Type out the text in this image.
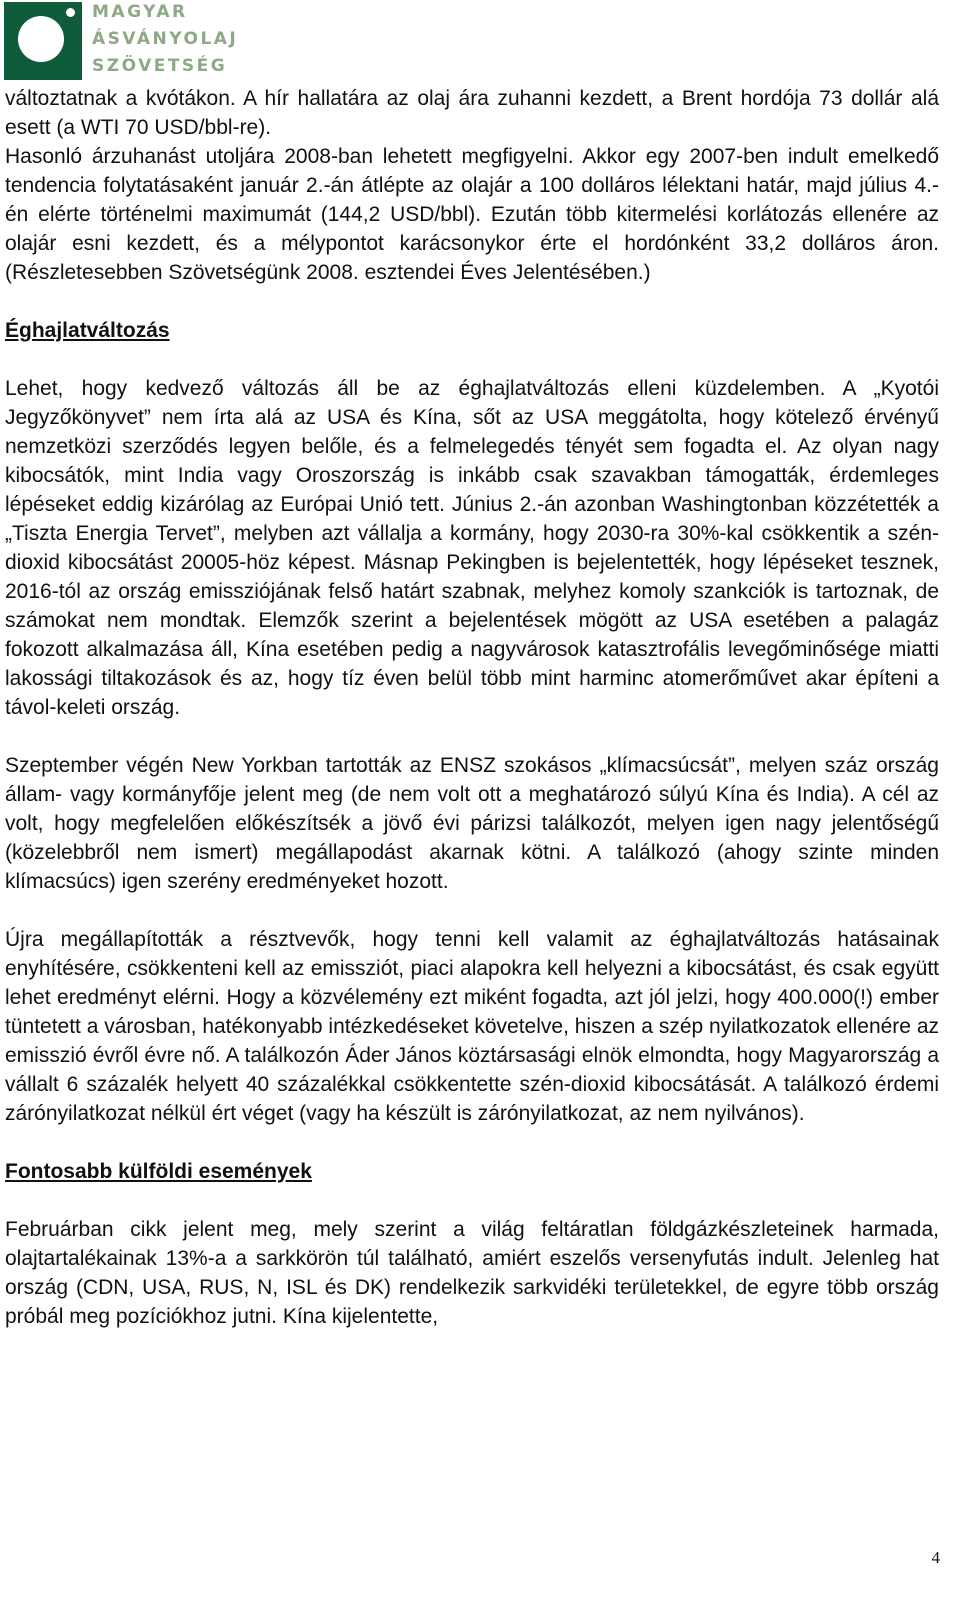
MAGYAR
ÁSVÁNYOLAJ
SZÖVETSÉG

változtatnak a kvótákon. A hír hallatára az olaj ára zuhanni kezdett, a Brent hordója 73 dollár alá esett (a WTI 70 USD/bbl-re).

Hasonló árzuhanást utoljára 2008-ban lehetett megfigyelni. Akkor egy 2007-ben indult emelkedő tendencia folytatásaként január 2.-án átlépte az olajár a 100 dolláros lélektani határ, majd július 4.-én elérte történelmi maximumát (144,2 USD/bbl). Ezután több kitermelési korlátozás ellenére az olajár esni kezdett, és a mélypontot karácsonykor érte el hordónként 33,2 dolláros áron. (Részletesebben Szövetségünk 2008. esztendei Éves Jelentésében.)

Éghajlatváltozás

Lehet, hogy kedvező változás áll be az éghajlatváltozás elleni küzdelemben. A „Kyotói Jegyzőkönyvet” nem írta alá az USA és Kína, sőt az USA meggátolta, hogy kötelező érvényű nemzetközi szerződés legyen belőle, és a felmelegedés tényét sem fogadta el. Az olyan nagy kibocsátók, mint India vagy Oroszország is inkább csak szavakban támogatták, érdemleges lépéseket eddig kizárólag az Európai Unió tett. Június 2.-án azonban Washingtonban közzétették a „Tiszta Energia Tervet”, melyben azt vállalja a kormány, hogy 2030-ra 30%-kal csökkentik a szén-dioxid kibocsátást 20005-höz képest. Másnap Pekingben is bejelentették, hogy lépéseket tesznek, 2016-tól az ország emissziójának felső határt szabnak, melyhez komoly szankciók is tartoznak, de számokat nem mondtak. Elemzők szerint a bejelentések mögött az USA esetében a palagáz fokozott alkalmazása áll, Kína esetében pedig a nagyvárosok katasztrofális levegőminősége miatti lakossági tiltakozások és az, hogy tíz éven belül több mint harminc atomerőművet akar építeni a távol-keleti ország.

Szeptember végén New Yorkban tartották az ENSZ szokásos „klímacsúcsát”, melyen száz ország állam- vagy kormányfője jelent meg (de nem volt ott a meghatározó súlyú Kína és India). A cél az volt, hogy megfelelően előkészítsék a jövő évi párizsi találkozót, melyen igen nagy jelentőségű (közelebbről nem ismert) megállapodást akarnak kötni. A találkozó (ahogy szinte minden klímacsúcs) igen szerény eredményeket hozott.

Újra megállapították a résztvevők, hogy tenni kell valamit az éghajlatváltozás hatásainak enyhítésére, csökkenteni kell az emissziót, piaci alapokra kell helyezni a kibocsátást, és csak együtt lehet eredményt elérni. Hogy a közvélemény ezt miként fogadta, azt jól jelzi, hogy 400.000(!) ember tüntetett a városban, hatékonyabb intézkedéseket követelve, hiszen a szép nyilatkozatok ellenére az emisszió évről évre nő. A találkozón Áder János köztársasági elnök elmondta, hogy Magyarország a vállalt 6 százalék helyett 40 százalékkal csökkentette szén-dioxid kibocsátását. A találkozó érdemi zárónyilatkozat nélkül ért véget (vagy ha készült is zárónyilatkozat, az nem nyilvános).

Fontosabb külföldi események

Februárban cikk jelent meg, mely szerint a világ feltáratlan földgázkészleteinek harmada, olajtartalékainak 13%-a a sarkkörön túl található, amiért eszelős versenyfutás indult. Jelenleg hat ország (CDN, USA, RUS, N, ISL és DK) rendelkezik sarkvidéki területekkel, de egyre több ország próbál meg pozíciókhoz jutni. Kína kijelentette,

4
